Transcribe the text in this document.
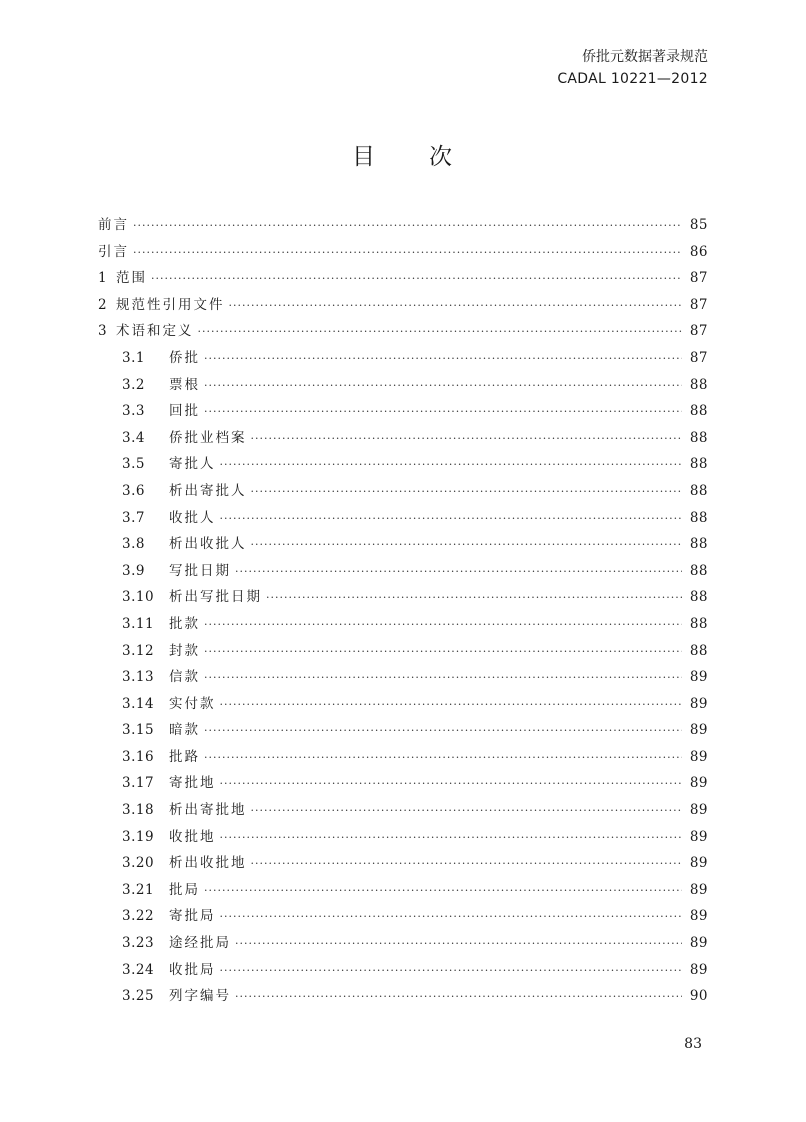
侨批元数据著录规范
CADAL 10221—2012
目 次
前言 ·····	85
引言 ·····	86
1 范围 ·····	87
2 规范性引用文件 ·····	87
3 术语和定义 ·····	87
3.1	侨批 ·····	87
3.2	票根 ·····	88
3.3	回批 ·····	88
3.4	侨批业档案 ·····	88
3.5	寄批人 ·····	88
3.6	析出寄批人 ·····	88
3.7	收批人 ·····	88
3.8	析出收批人 ·····	88
3.9	写批日期 ·····	88
3.10	析出写批日期 ·····	88
3.11	批款 ·····	88
3.12	封款 ·····	88
3.13	信款 ·····	89
3.14	实付款 ·····	89
3.15	暗款 ·····	89
3.16	批路 ·····	89
3.17	寄批地 ·····	89
3.18	析出寄批地 ·····	89
3.19	收批地 ·····	89
3.20	析出收批地 ·····	89
3.21	批局 ·····	89
3.22	寄批局 ·····	89
3.23	途经批局 ·····	89
3.24	收批局 ·····	89
3.25	列字编号 ·····	90
83
